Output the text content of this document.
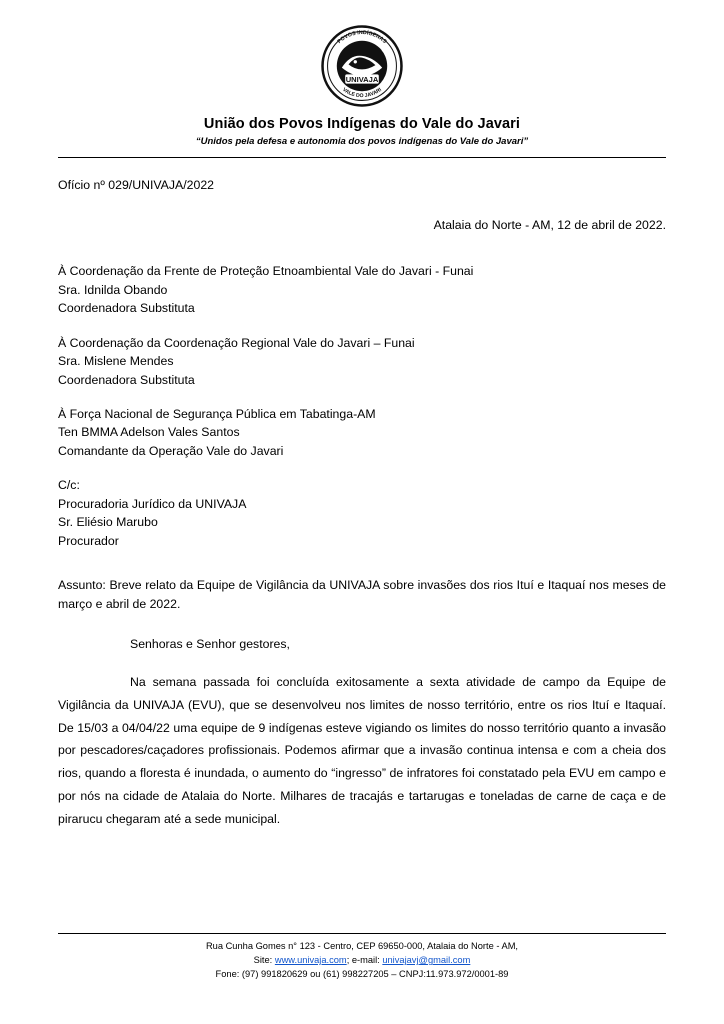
UNIVAJA
POVOS INDÍGENAS
VALE DO JAVARI
União dos Povos Indígenas do Vale do Javari
“Unidos pela defesa e autonomia dos povos indígenas do Vale do Javari”
Ofício nº 029/UNIVAJA/2022
Atalaia do Norte - AM, 12 de abril de 2022.
À Coordenação da Frente de Proteção Etnoambiental Vale do Javari - Funai
Sra. Idnilda Obando
Coordenadora Substituta
À Coordenação da Coordenação Regional Vale do Javari – Funai
Sra. Mislene Mendes
Coordenadora Substituta
À Força Nacional de Segurança Pública em Tabatinga-AM
Ten BMMA Adelson Vales Santos
Comandante da Operação Vale do Javari
C/c:
Procuradoria Jurídico da UNIVAJA
Sr. Eliésio Marubo
Procurador
Assunto: Breve relato da Equipe de Vigilância da UNIVAJA sobre invasões dos rios Ituí e Itaquaí nos meses de março e abril de 2022.
Senhoras e Senhor gestores,
Na semana passada foi concluída exitosamente a sexta atividade de campo da Equipe de Vigilância da UNIVAJA (EVU), que se desenvolveu nos limites de nosso território, entre os rios Ituí e Itaquaí. De 15/03 a 04/04/22 uma equipe de 9 indígenas esteve vigiando os limites do nosso território quanto a invasão por pescadores/caçadores profissionais. Podemos afirmar que a invasão continua intensa e com a cheia dos rios, quando a floresta é inundada, o aumento do “ingresso” de infratores foi constatado pela EVU em campo e por nós na cidade de Atalaia do Norte. Milhares de tracajás e tartarugas e toneladas de carne de caça e de pirarucu chegaram até a sede municipal.
Rua Cunha Gomes n° 123 - Centro, CEP 69650-000, Atalaia do Norte - AM,
Site: www.univaja.com; e-mail: univajavj@gmail.com
Fone: (97) 991820629 ou (61) 998227205 – CNPJ:11.973.972/0001-89
